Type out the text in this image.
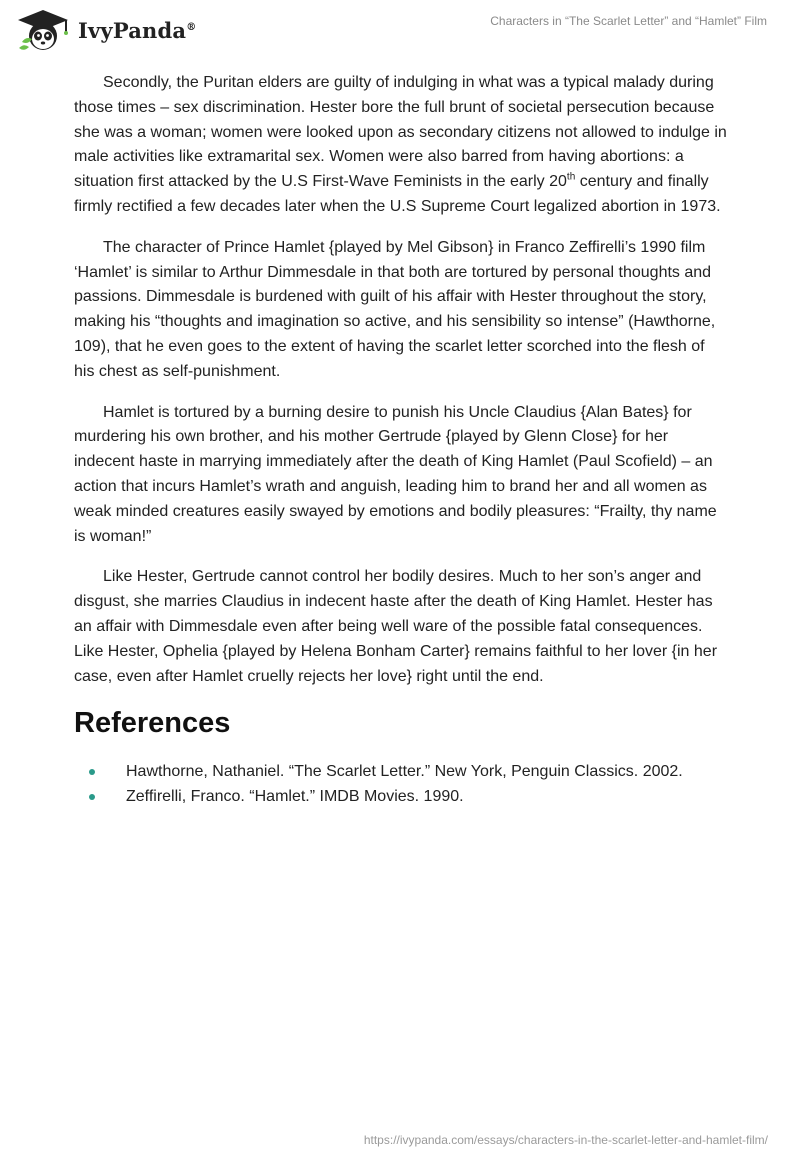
IvyPanda®	Characters in “The Scarlet Letter” and “Hamlet” Film

Secondly, the Puritan elders are guilty of indulging in what was a typical malady during those times – sex discrimination. Hester bore the full brunt of societal persecution because she was a woman; women were looked upon as secondary citizens not allowed to indulge in male activities like extramarital sex. Women were also barred from having abortions: a situation first attacked by the U.S First-Wave Feminists in the early 20th century and finally firmly rectified a few decades later when the U.S Supreme Court legalized abortion in 1973.

The character of Prince Hamlet {played by Mel Gibson} in Franco Zeffirelli’s 1990 film ‘Hamlet’ is similar to Arthur Dimmesdale in that both are tortured by personal thoughts and passions. Dimmesdale is burdened with guilt of his affair with Hester throughout the story, making his “thoughts and imagination so active, and his sensibility so intense” (Hawthorne, 109), that he even goes to the extent of having the scarlet letter scorched into the flesh of his chest as self-punishment.

Hamlet is tortured by a burning desire to punish his Uncle Claudius {Alan Bates} for murdering his own brother, and his mother Gertrude {played by Glenn Close} for her indecent haste in marrying immediately after the death of King Hamlet (Paul Scofield) – an action that incurs Hamlet’s wrath and anguish, leading him to brand her and all women as weak minded creatures easily swayed by emotions and bodily pleasures: “Frailty, thy name is woman!”

Like Hester, Gertrude cannot control her bodily desires. Much to her son’s anger and disgust, she marries Claudius in indecent haste after the death of King Hamlet. Hester has an affair with Dimmesdale even after being well ware of the possible fatal consequences. Like Hester, Ophelia {played by Helena Bonham Carter} remains faithful to her lover {in her case, even after Hamlet cruelly rejects her love} right until the end.

References
Hawthorne, Nathaniel. “The Scarlet Letter.” New York, Penguin Classics. 2002.
Zeffirelli, Franco. “Hamlet.” IMDB Movies. 1990.
https://ivypanda.com/essays/characters-in-the-scarlet-letter-and-hamlet-film/
